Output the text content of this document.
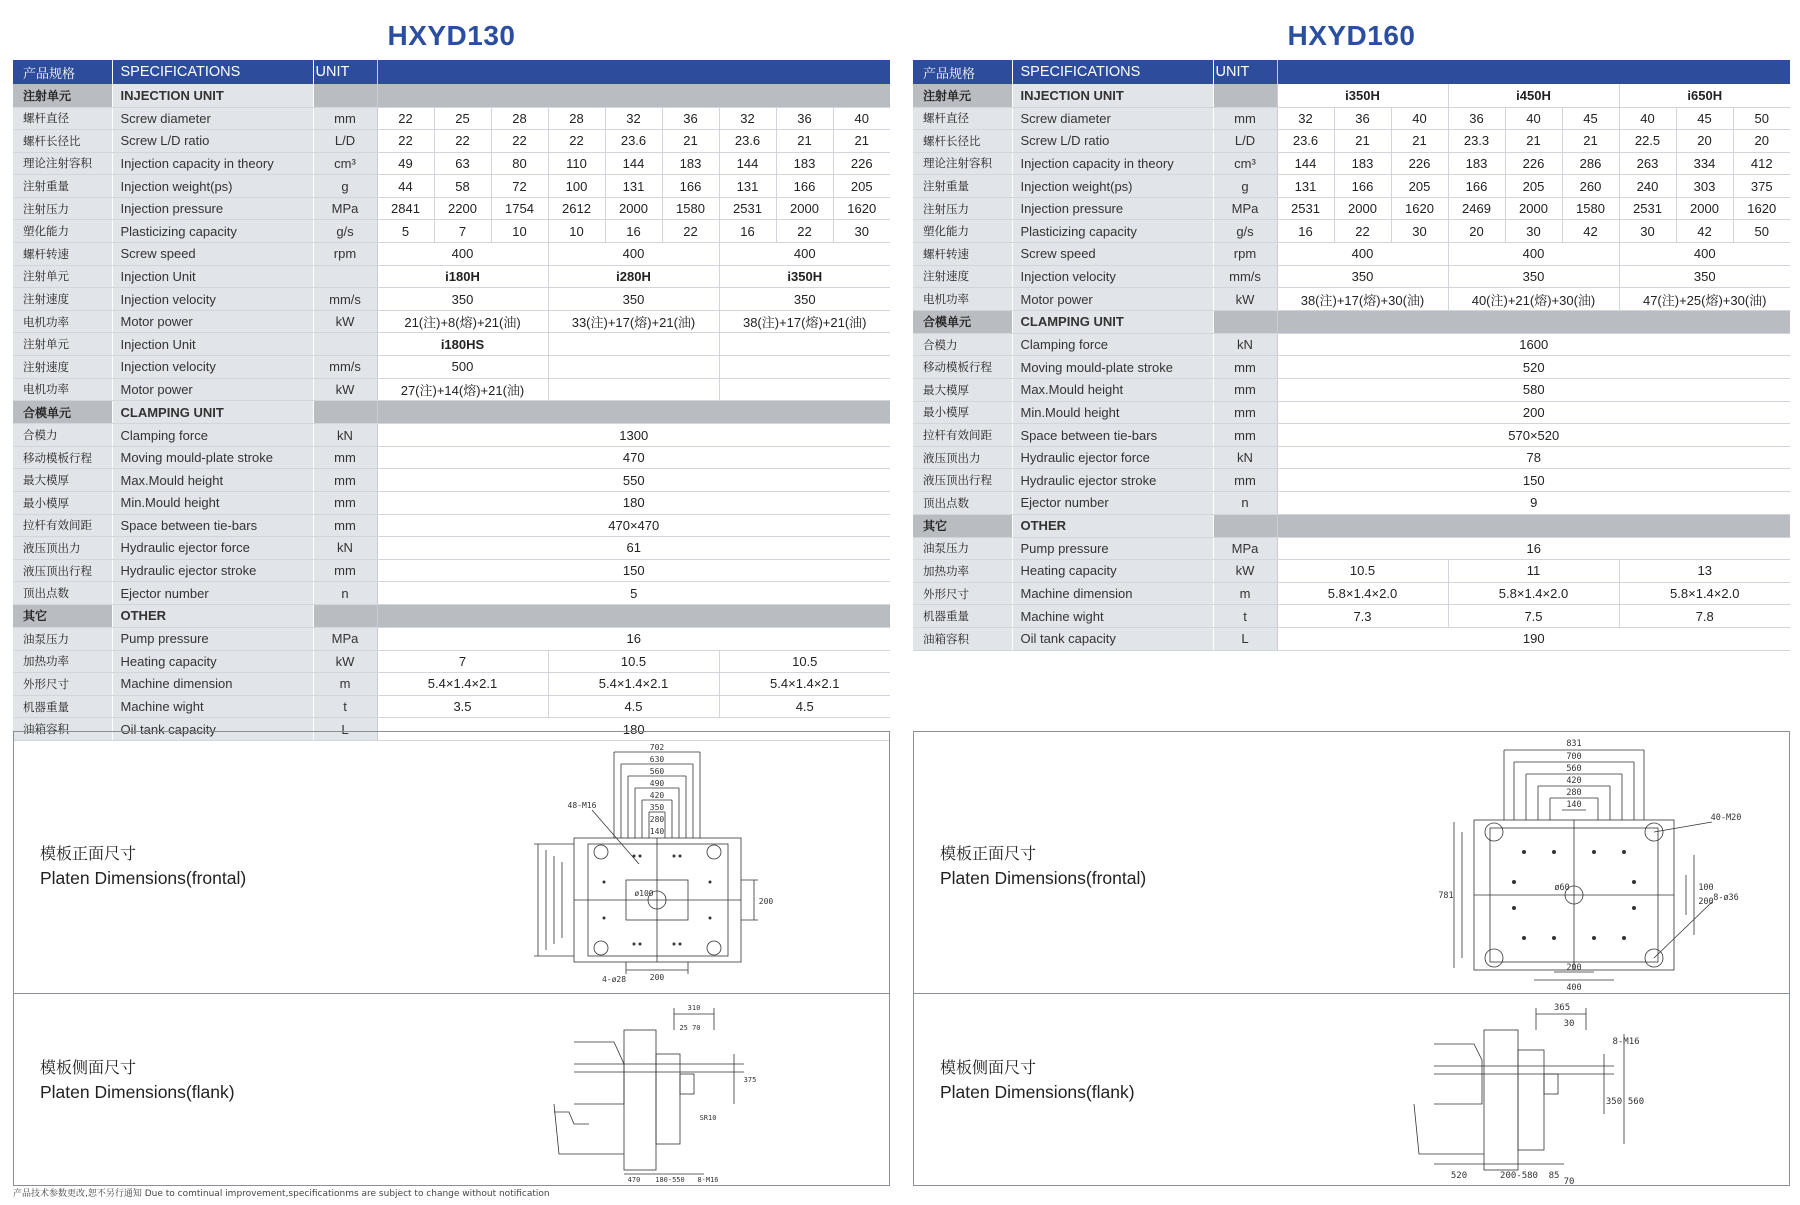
HXYD130
产品规格	SPECIFICATIONS	UNIT									
注射单元	INJECTION UNIT										
螺杆直径	Screw diameter	mm	22	25	28	28	32	36	32	36	40
螺杆长径比	Screw L/D ratio	L/D	22	22	22	22	23.6	21	23.6	21	21
理论注射容积	Injection capacity in theory	cm³	49	63	80	110	144	183	144	183	226
注射重量	Injection weight(ps)	g	44	58	72	100	131	166	131	166	205
注射压力	Injection pressure	MPa	2841	2200	1754	2612	2000	1580	2531	2000	1620
塑化能力	Plasticizing capacity	g/s	5	7	10	10	16	22	16	22	30
螺杆转速	Screw speed	rpm	400			400			400		
注射单元	Injection Unit		i180H			i280H			i350H		
注射速度	Injection velocity	mm/s	350			350			350		
电机功率	Motor power	kW	21(注)+8(熔)+21(油)			33(注)+17(熔)+21(油)			38(注)+17(熔)+21(油)		
注射单元	Injection Unit		i180HS								
注射速度	Injection velocity	mm/s	500								
电机功率	Motor power	kW	27(注)+14(熔)+21(油)								
合模单元	CLAMPING UNIT										
合模力	Clamping force	kN	1300								
移动模板行程	Moving mould-plate stroke	mm	470								
最大模厚	Max.Mould height	mm	550								
最小模厚	Min.Mould height	mm	180								
拉杆有效间距	Space between tie-bars	mm	470×470								
液压顶出力	Hydraulic ejector force	kN	61								
液压顶出行程	Hydraulic ejector stroke	mm	150								
顶出点数	Ejector number	n	5								
其它	OTHER										
油泵压力	Pump pressure	MPa	16								
加热功率	Heating capacity	kW	7			10.5			10.5		
外形尺寸	Machine dimension	m	5.4×1.4×2.1			5.4×1.4×2.1			5.4×1.4×2.1		
机器重量	Machine wight	t	3.5			4.5			4.5		
油箱容积	Oil tank capacity	L	180								
模板正面尺寸
Platen Dimensions(frontal)
702
630
560
490
420
350
280
140
48-M16
4-ø28	200
200
ø100
模板侧面尺寸
Platen Dimensions(flank)
310
25 70
375
470 180-550 8-M16
SR10
HXYD160
产品规格	SPECIFICATIONS	UNIT									
注射单元	INJECTION UNIT		i350H			i450H			i650H		
螺杆直径	Screw diameter	mm	32	36	40	36	40	45	40	45	50
螺杆长径比	Screw L/D ratio	L/D	23.6	21	21	23.3	21	21	22.5	20	20
理论注射容积	Injection capacity in theory	cm³	144	183	226	183	226	286	263	334	412
注射重量	Injection weight(ps)	g	131	166	205	166	205	260	240	303	375
注射压力	Injection pressure	MPa	2531	2000	1620	2469	2000	1580	2531	2000	1620
塑化能力	Plasticizing capacity	g/s	16	22	30	20	30	42	30	42	50
螺杆转速	Screw speed	rpm	400			400			400		
注射速度	Injection velocity	mm/s	350			350			350		
电机功率	Motor power	kW	38(注)+17(熔)+30(油)			40(注)+21(熔)+30(油)			47(注)+25(熔)+30(油)		
合模单元	CLAMPING UNIT										
合模力	Clamping force	kN	1600								
移动模板行程	Moving mould-plate stroke	mm	520								
最大模厚	Max.Mould height	mm	580								
最小模厚	Min.Mould height	mm	200								
拉杆有效间距	Space between tie-bars	mm	570×520								
液压顶出力	Hydraulic ejector force	kN	78								
液压顶出行程	Hydraulic ejector stroke	mm	150								
顶出点数	Ejector number	n	9								
其它	OTHER										
油泵压力	Pump pressure	MPa	16								
加热功率	Heating capacity	kW	10.5			11			13		
外形尺寸	Machine dimension	m	5.8×1.4×2.0			5.8×1.4×2.0			5.8×1.4×2.0		
机器重量	Machine wight	t	7.3			7.5			7.8		
油箱容积	Oil tank capacity	L	190								
模板正面尺寸
Platen Dimensions(frontal)
831
700
560
420
280
140
40-M20
8-ø36
200
400
100
200
781
ø60
模板侧面尺寸
Platen Dimensions(flank)
365
30
8-M16
350 560
520	200-580 85
70
产品技术参数更改,恕不另行通知 Due to comtinual improvement,specificationms are subject to change without notification
